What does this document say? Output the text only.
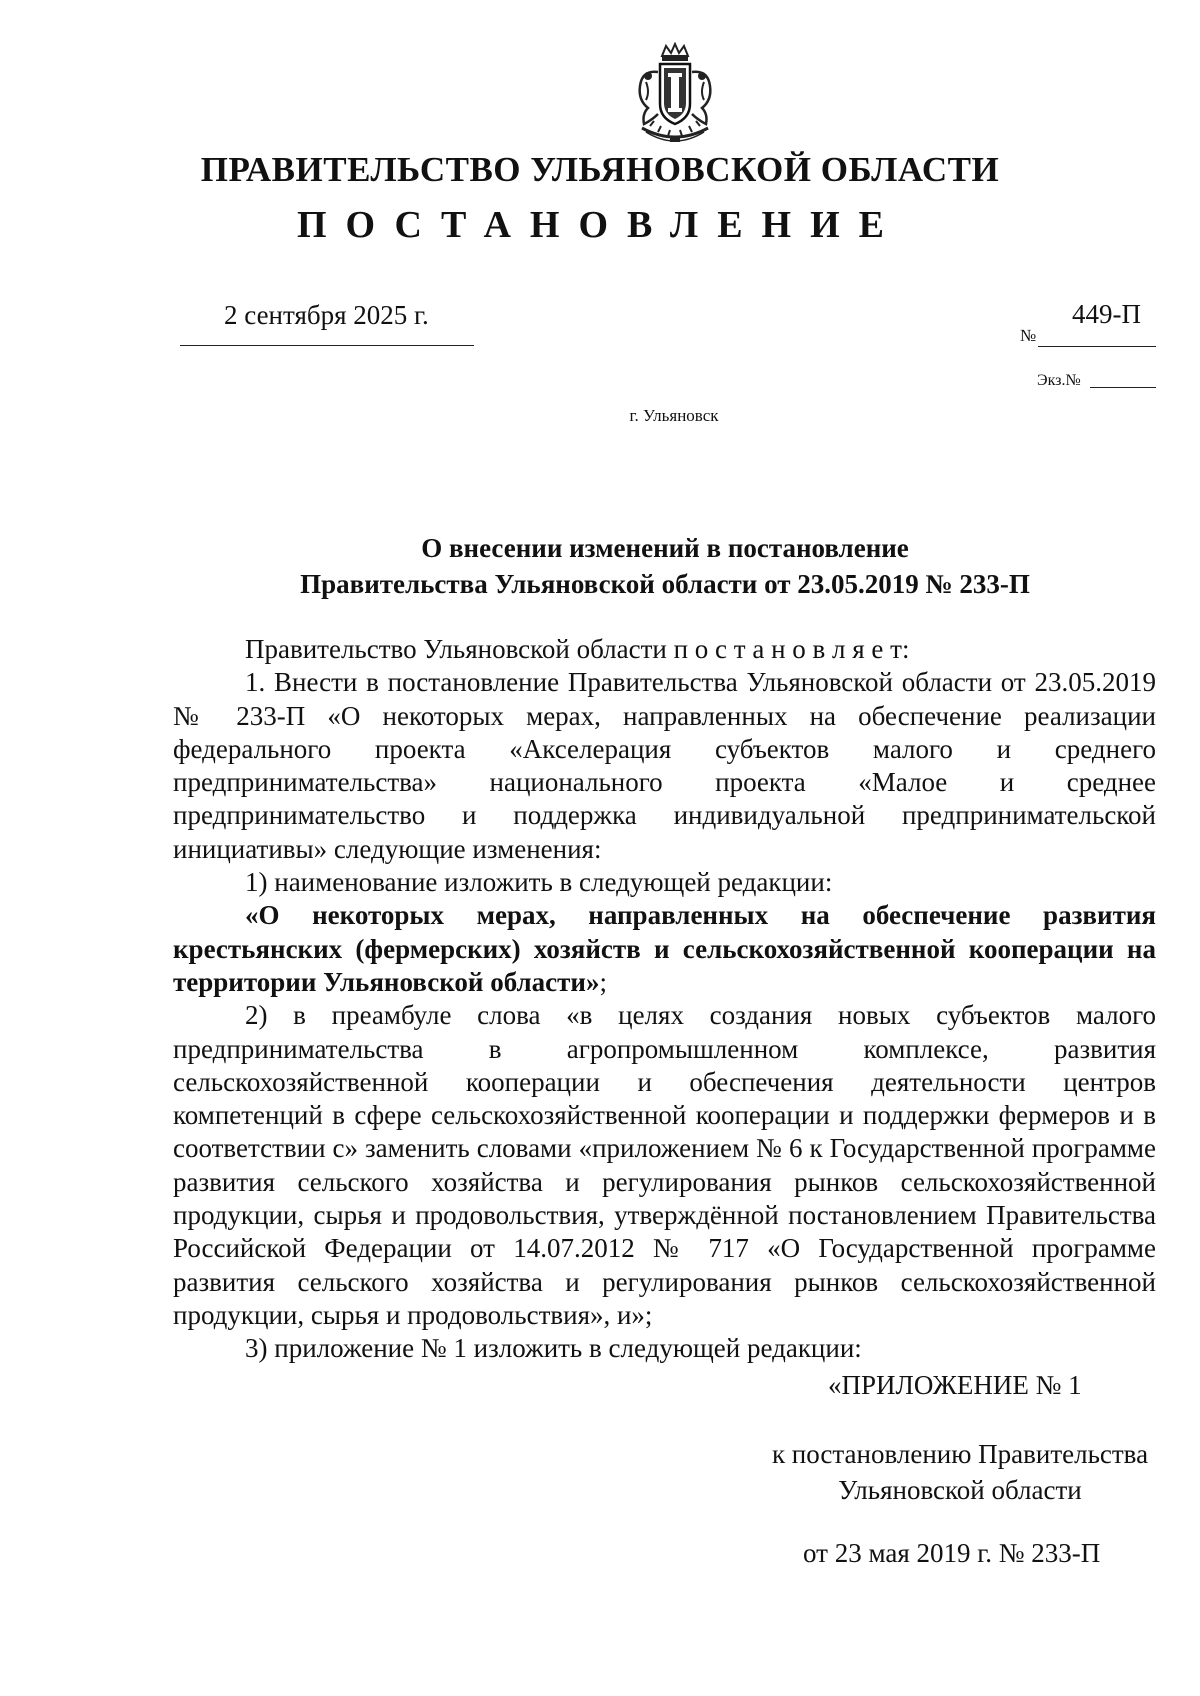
ПРАВИТЕЛЬСТВО УЛЬЯНОВСКОЙ ОБЛАСТИ
ПОСТАНОВЛЕНИЕ
2 сентября 2025 г.
№
449-П
Экз.№
г. Ульяновск
О внесении изменений в постановление
Правительства Ульяновской области от 23.05.2019 № 233-П

Правительство Ульяновской области п о с т а н о в л я е т:

1. Внести в постановление Правительства Ульяновской области от 23.05.2019 № 233-П «О некоторых мерах, направленных на обеспечение реализации федерального проекта «Акселерация субъектов малого и среднего предпринимательства» национального проекта «Малое и среднее предпринимательство и поддержка индивидуальной предпринимательской инициативы» следующие изменения:

1) наименование изложить в следующей редакции:

«О некоторых мерах, направленных на обеспечение развития крестьянских (фермерских) хозяйств и сельскохозяйственной кооперации на территории Ульяновской области»;

2) в преамбуле слова «в целях создания новых субъектов малого предпринимательства в агропромышленном комплексе, развития сельскохозяйственной кооперации и обеспечения деятельности центров компетенций в сфере сельскохозяйственной кооперации и поддержки фермеров и в соответствии с» заменить словами «приложением № 6 к Государственной программе развития сельского хозяйства и регулирования рынков сельскохозяйственной продукции, сырья и продовольствия, утверждённой постановлением Правительства Российской Федерации от 14.07.2012 № 717 «О Государственной программе развития сельского хозяйства и регулирования рынков сельскохозяйственной продукции, сырья и продовольствия», и»;

3) приложение № 1 изложить в следующей редакции:

«ПРИЛОЖЕНИЕ № 1
к постановлению Правительства
Ульяновской области
от 23 мая 2019 г. № 233-П
